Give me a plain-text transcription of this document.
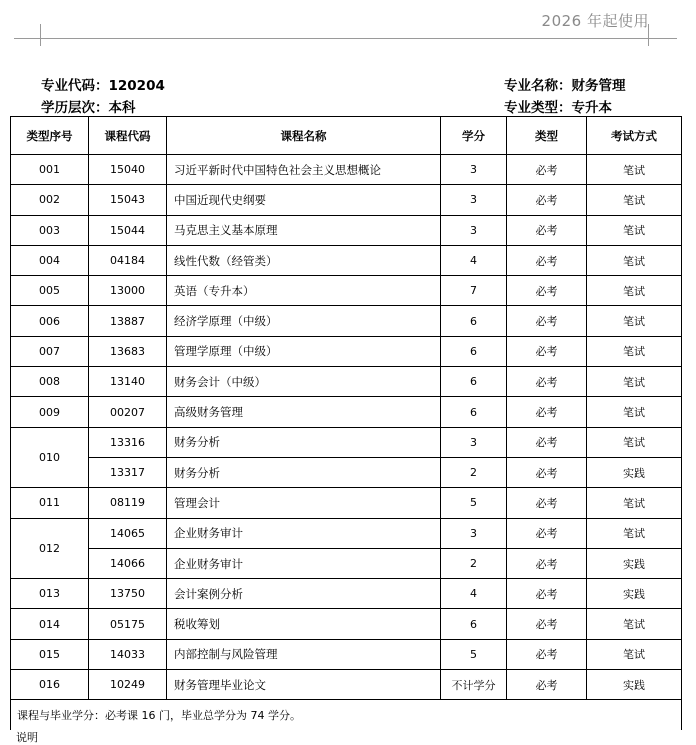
2026 年起使用
专业代码：120204	专业名称：财务管理
学历层次：本科	专业类型：专升本
类型序号	课程代码	课程名称	学分	类型	考试方式
001	15040	习近平新时代中国特色社会主义思想概论	3	必考	笔试
002	15043	中国近现代史纲要	3	必考	笔试
003	15044	马克思主义基本原理	3	必考	笔试
004	04184	线性代数（经管类）	4	必考	笔试
005	13000	英语（专升本）	7	必考	笔试
006	13887	经济学原理（中级）	6	必考	笔试
007	13683	管理学原理（中级）	6	必考	笔试
008	13140	财务会计（中级）	6	必考	笔试
009	00207	高级财务管理	6	必考	笔试
010	13316	财务分析	3	必考	笔试
	13317	财务分析	2	必考	实践
011	08119	管理会计	5	必考	笔试
012	14065	企业财务审计	3	必考	笔试
	14066	企业财务审计	2	必考	实践
013	13750	会计案例分析	4	必考	实践
014	05175	税收筹划	6	必考	笔试
015	14033	内部控制与风险管理	5	必考	笔试
016	10249	财务管理毕业论文	不计学分	必考	实践
课程与毕业学分：必考课 16 门，毕业总学分为 74 学分。					
说明
